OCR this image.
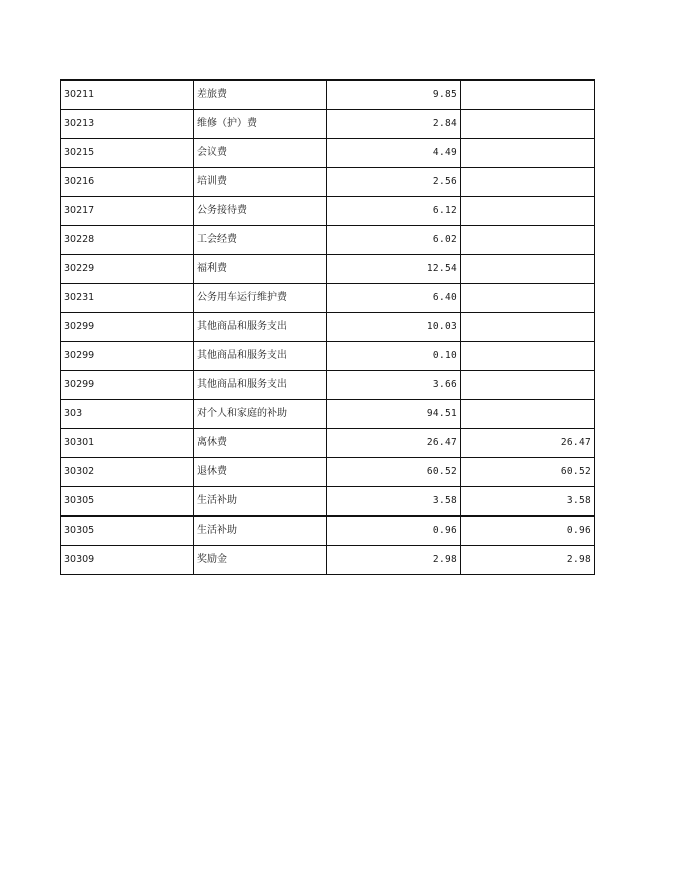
30211	差旅费	9.85	
30213	维修（护）费	2.84	
30215	会议费	4.49	
30216	培训费	2.56	
30217	公务接待费	6.12	
30228	工会经费	6.02	
30229	福利费	12.54	
30231	公务用车运行维护费	6.40	
30299	其他商品和服务支出	10.03	
30299	其他商品和服务支出	0.10	
30299	其他商品和服务支出	3.66	
303	对个人和家庭的补助	94.51	
30301	离休费	26.47	26.47
30302	退休费	60.52	60.52
30305	生活补助	3.58	3.58
30305	生活补助	0.96	0.96
30309	奖励金	2.98	2.98
